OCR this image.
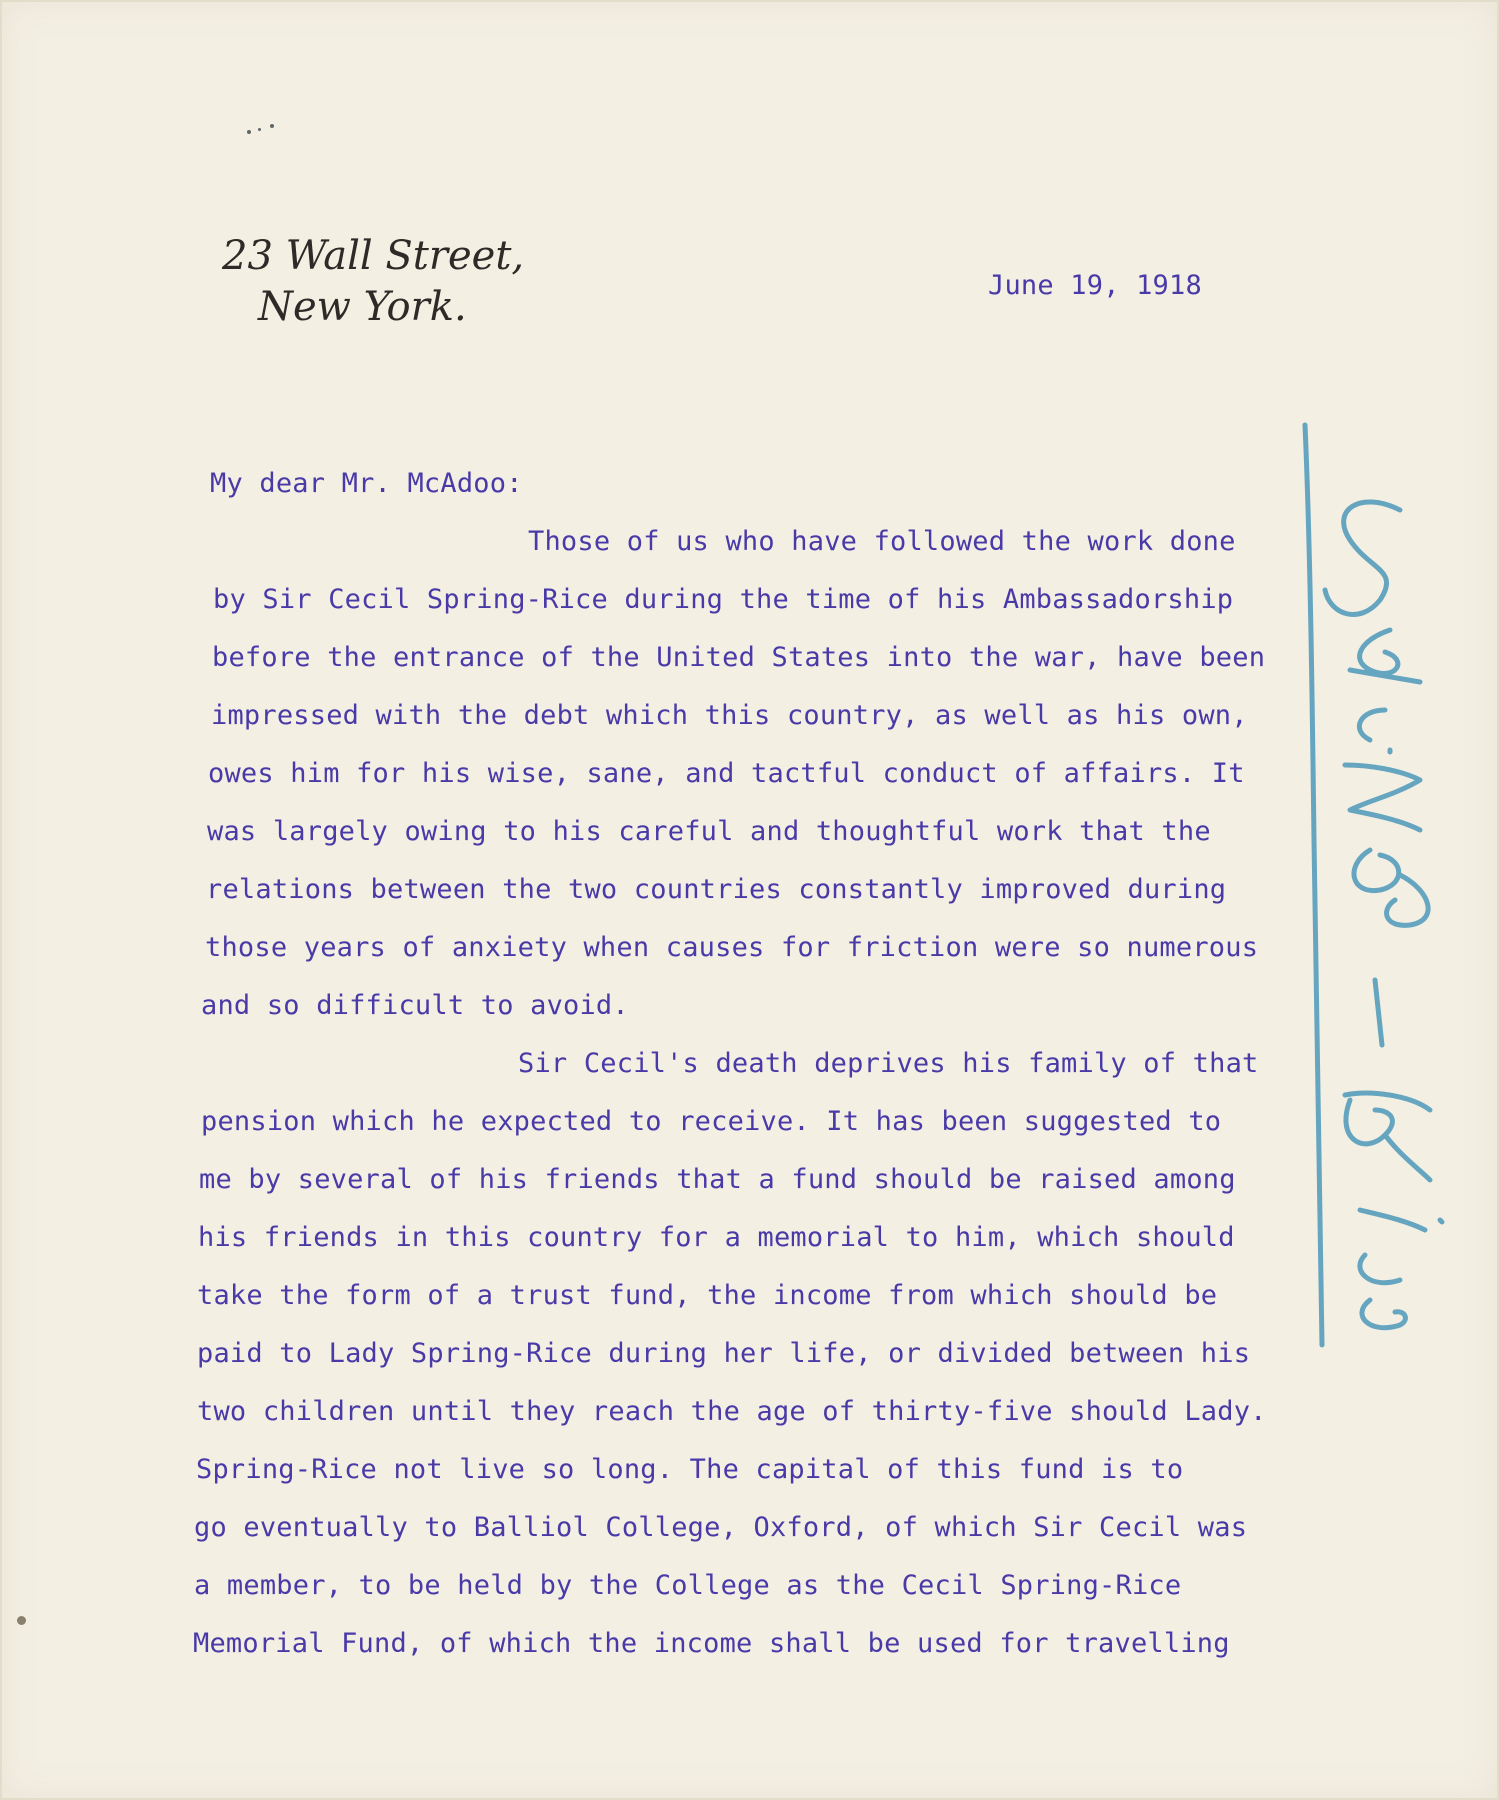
23 Wall Street,
New York.	June 19, 1918
My dear Mr. McAdoo:
Those of us who have followed the work done
by Sir Cecil Spring-Rice during the time of his Ambassadorship
before the entrance of the United States into the war, have been
impressed with the debt which this country, as well as his own,
owes him for his wise, sane, and tactful conduct of affairs. It
was largely owing to his careful and thoughtful work that the
relations between the two countries constantly improved during
those years of anxiety when causes for friction were so numerous
and so difficult to avoid.
Sir Cecil's death deprives his family of that
pension which he expected to receive. It has been suggested to
me by several of his friends that a fund should be raised among
his friends in this country for a memorial to him, which should
take the form of a trust fund, the income from which should be
paid to Lady Spring-Rice during her life, or divided between his
two children until they reach the age of thirty-five should Lady.
Spring-Rice not live so long. The capital of this fund is to
go eventually to Balliol College, Oxford, of which Sir Cecil was
a member, to be held by the College as the Cecil Spring-Rice
Memorial Fund, of which the income shall be used for travelling
